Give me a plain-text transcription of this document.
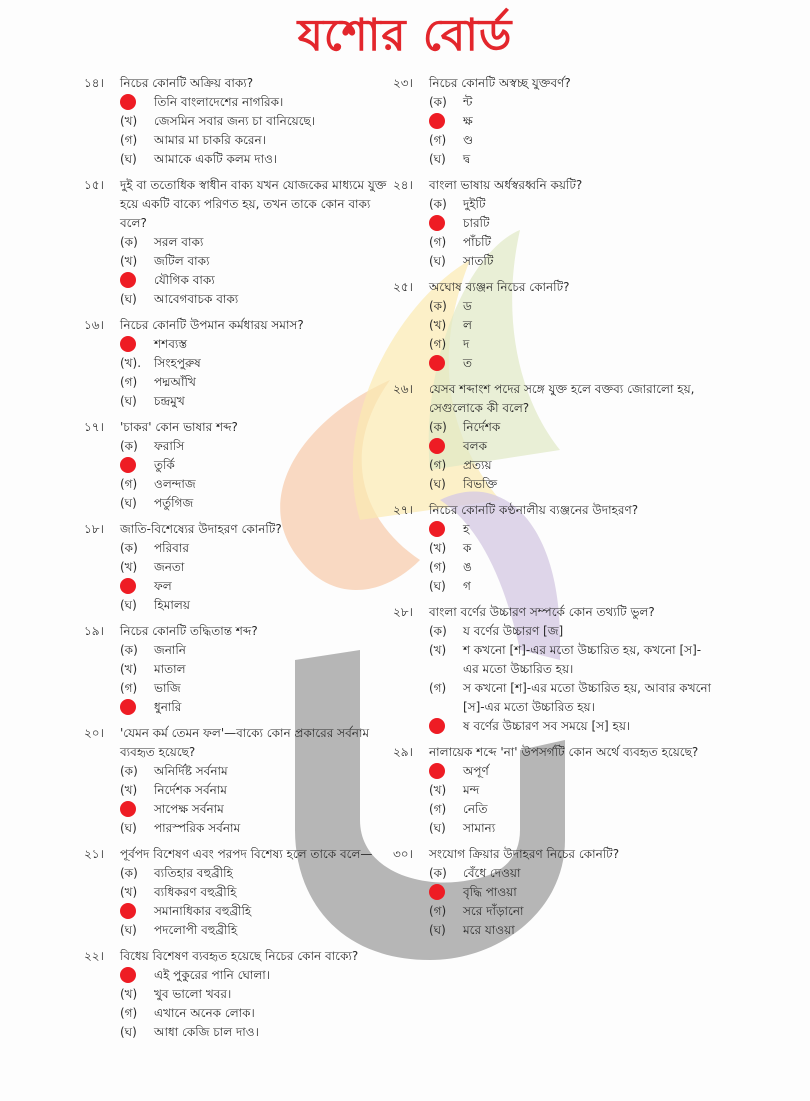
যশোর বোর্ড
১৪।	নিচের কোনটি অক্রিয় বাক্য?
তিনি বাংলাদেশের নাগরিক।
(খ)	জেসমিন সবার জন্য চা বানিয়েছে।
(গ)	আমার মা চাকরি করেন।
(ঘ)	আমাকে একটি কলম দাও।
১৫।	দুই বা ততোধিক স্বাধীন বাক্য যখন যোজকের মাধ্যমে যুক্ত হয়ে একটি বাক্যে পরিণত হয়, তখন তাকে কোন বাক্য বলে?
(ক)	সরল বাক্য
(খ)	জটিল বাক্য
যৌগিক বাক্য
(ঘ)	আবেগবাচক বাক্য
১৬।	নিচের কোনটি উপমান কর্মধারয় সমাস?
শশব্যস্ত
(খ).	সিংহপুরুষ
(গ)	পদ্মআঁখি
(ঘ)	চন্দ্রমুখ
১৭।	'চাকর' কোন ভাষার শব্দ?
(ক)	ফরাসি
তুর্কি
(গ)	ওলন্দাজ
(ঘ)	পর্তুগিজ
১৮।	জাতি-বিশেষ্যের উদাহরণ কোনটি?
(ক)	পরিবার
(খ)	জনতা
ফল
(ঘ)	হিমালয়
১৯।	নিচের কোনটি তদ্ধিতান্ত শব্দ?
(ক)	জনানি
(খ)	মাতাল
(গ)	ভাজি
ধুনারি
২০।	'যেমন কর্ম তেমন ফল'—বাক্যে কোন প্রকারের সর্বনাম ব্যবহৃত হয়েছে?
(ক)	অনির্দিষ্ট সর্বনাম
(খ)	নির্দেশক সর্বনাম
সাপেক্ষ সর্বনাম
(ঘ)	পারস্পরিক সর্বনাম
২১।	পূর্বপদ বিশেষণ এবং পরপদ বিশেষ্য হলে তাকে বলে—
(ক)	ব্যতিহার বহুব্রীহি
(খ)	ব্যধিকরণ বহুব্রীহি
সমানাধিকার বহুব্রীহি
(ঘ)	পদলোপী বহুব্রীহি
২২।	বিধেয় বিশেষণ ব্যবহৃত হয়েছে নিচের কোন বাক্যে?
এই পুকুরের পানি ঘোলা।
(খ)	খুব ভালো খবর।
(গ)	এখানে অনেক লোক।
(ঘ)	আধা কেজি চাল দাও।
২৩।	নিচের কোনটি অস্বচ্ছ যুক্তবর্ণ?
(ক)	ন্ট
ক্ষ
(গ)	ণ্ড
(ঘ)	দ্ব
২৪।	বাংলা ভাষায় অর্ধস্বরধ্বনি কয়টি?
(ক)	দুইটি
চারটি
(গ)	পাঁচটি
(ঘ)	সাতটি
২৫।	অঘোষ ব্যঞ্জন নিচের কোনটি?
(ক)	ড
(খ)	ল
(গ)	দ
ত
২৬।	যেসব শব্দাংশ পদের সঙ্গে যুক্ত হলে বক্তব্য জোরালো হয়, সেগুলোকে কী বলে?
(ক)	নির্দেশক
বলক
(গ)	প্রত্যয়
(ঘ)	বিভক্তি
২৭।	নিচের কোনটি কণ্ঠনালীয় ব্যঞ্জনের উদাহরণ?
হ
(খ)	ক
(গ)	ঙ
(ঘ)	গ
২৮।	বাংলা বর্ণের উচ্চারণ সম্পর্কে কোন তথ্যটি ভুল?
(ক)	য বর্ণের উচ্চারণ [জ]
(খ)	শ কখনো [শ]-এর মতো উচ্চারিত হয়, কখনো [স]-এর মতো উচ্চারিত হয়।
(গ)	স কখনো [শ]-এর মতো উচ্চারিত হয়, আবার কখনো [স]-এর মতো উচ্চারিত হয়।
ষ বর্ণের উচ্চারণ সব সময়ে [স] হয়।
২৯।	নালায়েক শব্দে 'না' উপসর্গটি কোন অর্থে ব্যবহৃত হয়েছে?
অপূর্ণ
(খ)	মন্দ
(গ)	নেতি
(ঘ)	সামান্য
৩০।	সংযোগ ক্রিয়ার উদাহরণ নিচের কোনটি?
(ক)	বেঁধে দেওয়া
বৃদ্ধি পাওয়া
(গ)	সরে দাঁড়ানো
(ঘ)	মরে যাওয়া
